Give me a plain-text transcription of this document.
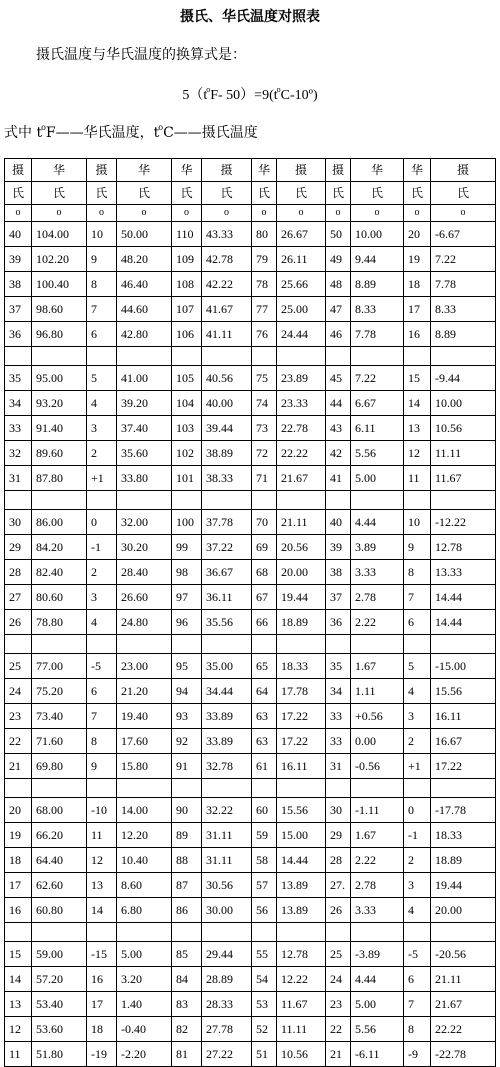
摄氏、华氏温度对照表
摄氏温度与华氏温度的换算式是：
$5(t^oF-$ $50)=9(t^oC-10º)$
式中 $t^oF——$华氏温度，$t^oC——$摄氏温度
摄	华	摄	华	华	摄	华	摄	摄	华	华	摄
氏	氏	氏	氏	氏	氏	氏	氏	氏	氏	氏	氏
o	o	o	o	o	o	o	o	o	o	o	o
40	104.00	10	50.00	110	43.33	80	26.67	50	10.00	20	-6.67
39	102.20	9	48.20	109	42.78	79	26.11	49	9.44	19	7.22
38	100.40	8	46.40	108	42.22	78	25.66	48	8.89	18	7.78
37	98.60	7	44.60	107	41.67	77	25.00	47	8.33	17	8.33
36	96.80	6	42.80	106	41.11	76	24.44	46	7.78	16	8.89

35	95.00	5	41.00	105	40.56	75	23.89	45	7.22	15	-9.44
34	93.20	4	39.20	104	40.00	74	23.33	44	6.67	14	10.00
33	91.40	3	37.40	103	39.44	73	22.78	43	6.11	13	10.56
32	89.60	2	35.60	102	38.89	72	22.22	42	5.56	12	11.11
31	87.80	+1	33.80	101	38.33	71	21.67	41	5.00	11	11.67

30	86.00	0	32.00	100	37.78	70	21.11	40	4.44	10	-12.22
29	84.20	-1	30.20	99	37.22	69	20.56	39	3.89	9	12.78
28	82.40	2	28.40	98	36.67	68	20.00	38	3.33	8	13.33
27	80.60	3	26.60	97	36.11	67	19.44	37	2.78	7	14.44
26	78.80	4	24.80	96	35.56	66	18.89	36	2.22	6	14.44

25	77.00	-5	23.00	95	35.00	65	18.33	35	1.67	5	-15.00
24	75.20	6	21.20	94	34.44	64	17.78	34	1.11	4	15.56
23	73.40	7	19.40	93	33.89	63	17.22	33	+0.56	3	16.11
22	71.60	8	17.60	92	33.89	63	17.22	33	0.00	2	16.67
21	69.80	9	15.80	91	32.78	61	16.11	31	-0.56	+1	17.22

20	68.00	-10	14.00	90	32.22	60	15.56	30	-1.11	0	-17.78
19	66.20	11	12.20	89	31.11	59	15.00	29	1.67	-1	18.33
18	64.40	12	10.40	88	31.11	58	14.44	28	2.22	2	18.89
17	62.60	13	8.60	87	30.56	57	13.89	27.	2.78	3	19.44
16	60.80	14	6.80	86	30.00	56	13.89	26	3.33	4	20.00

15	59.00	-15	5.00	85	29.44	55	12.78	25	-3.89	-5	-20.56
14	57.20	16	3.20	84	28.89	54	12.22	24	4.44	6	21.11
13	53.40	17	1.40	83	28.33	53	11.67	23	5.00	7	21.67
12	53.60	18	-0.40	82	27.78	52	11.11	22	5.56	8	22.22
11	51.80	-19	-2.20	81	27.22	51	10.56	21	-6.11	-9	-22.78
